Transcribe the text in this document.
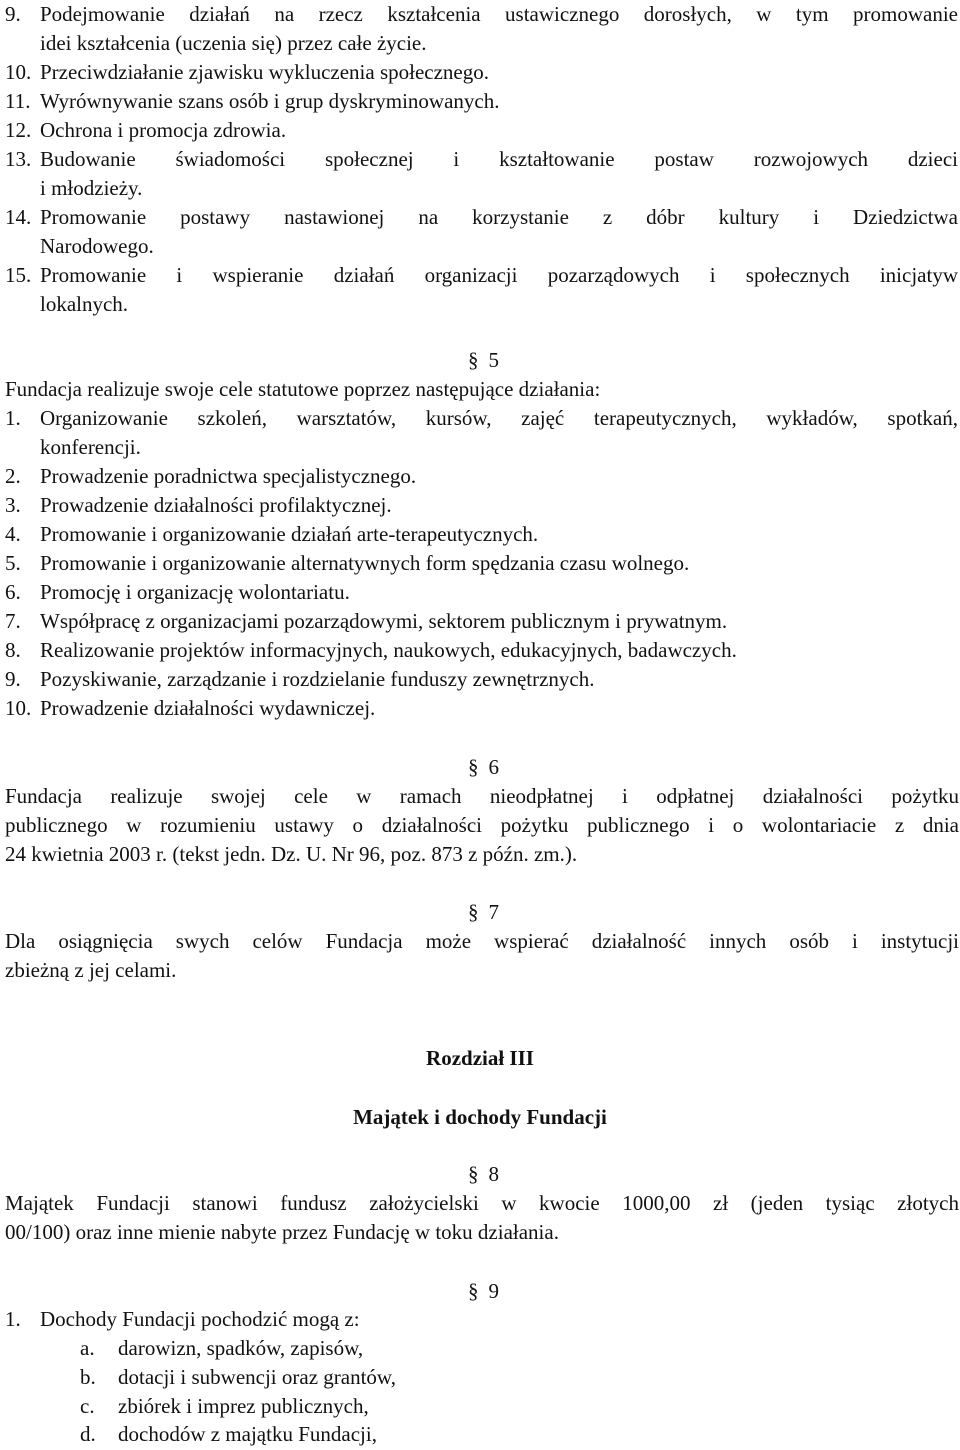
9. Podejmowanie działań na rzecz kształcenia ustawicznego dorosłych, w tym promowanie
idei kształcenia (uczenia się) przez całe życie.
10. Przeciwdziałanie zjawisku wykluczenia społecznego.
11. Wyrównywanie szans osób i grup dyskryminowanych.
12. Ochrona i promocja zdrowia.
13. Budowanie świadomości społecznej i kształtowanie postaw rozwojowych dzieci
i młodzieży.
14. Promowanie postawy nastawionej na korzystanie z dóbr kultury i Dziedzictwa
Narodowego.
15. Promowanie i wspieranie działań organizacji pozarządowych i społecznych inicjatyw
lokalnych.
§ 5
Fundacja realizuje swoje cele statutowe poprzez następujące działania:
1. Organizowanie szkoleń, warsztatów, kursów, zajęć terapeutycznych, wykładów, spotkań,
konferencji.
2. Prowadzenie poradnictwa specjalistycznego.
3. Prowadzenie działalności profilaktycznej.
4. Promowanie i organizowanie działań arte-terapeutycznych.
5. Promowanie i organizowanie alternatywnych form spędzania czasu wolnego.
6. Promocję i organizację wolontariatu.
7. Współpracę z organizacjami pozarządowymi, sektorem publicznym i prywatnym.
8. Realizowanie projektów informacyjnych, naukowych, edukacyjnych, badawczych.
9. Pozyskiwanie, zarządzanie i rozdzielanie funduszy zewnętrznych.
10. Prowadzenie działalności wydawniczej.
§ 6
Fundacja realizuje swojej cele w ramach nieodpłatnej i odpłatnej działalności pożytku
publicznego w rozumieniu ustawy o działalności pożytku publicznego i o wolontariacie z dnia
24 kwietnia 2003 r. (tekst jedn. Dz. U. Nr 96, poz. 873 z późn. zm.).
§ 7
Dla osiągnięcia swych celów Fundacja może wspierać działalność innych osób i instytucji
zbieżną z jej celami.
Rozdział III
Majątek i dochody Fundacji
§ 8
Majątek Fundacji stanowi fundusz założycielski w kwocie 1000,00 zł (jeden tysiąc złotych
00/100) oraz inne mienie nabyte przez Fundację w toku działania.
§ 9
1. Dochody Fundacji pochodzić mogą z:
a. darowizn, spadków, zapisów,
b. dotacji i subwencji oraz grantów,
c. zbiórek i imprez publicznych,
d. dochodów z majątku Fundacji,
